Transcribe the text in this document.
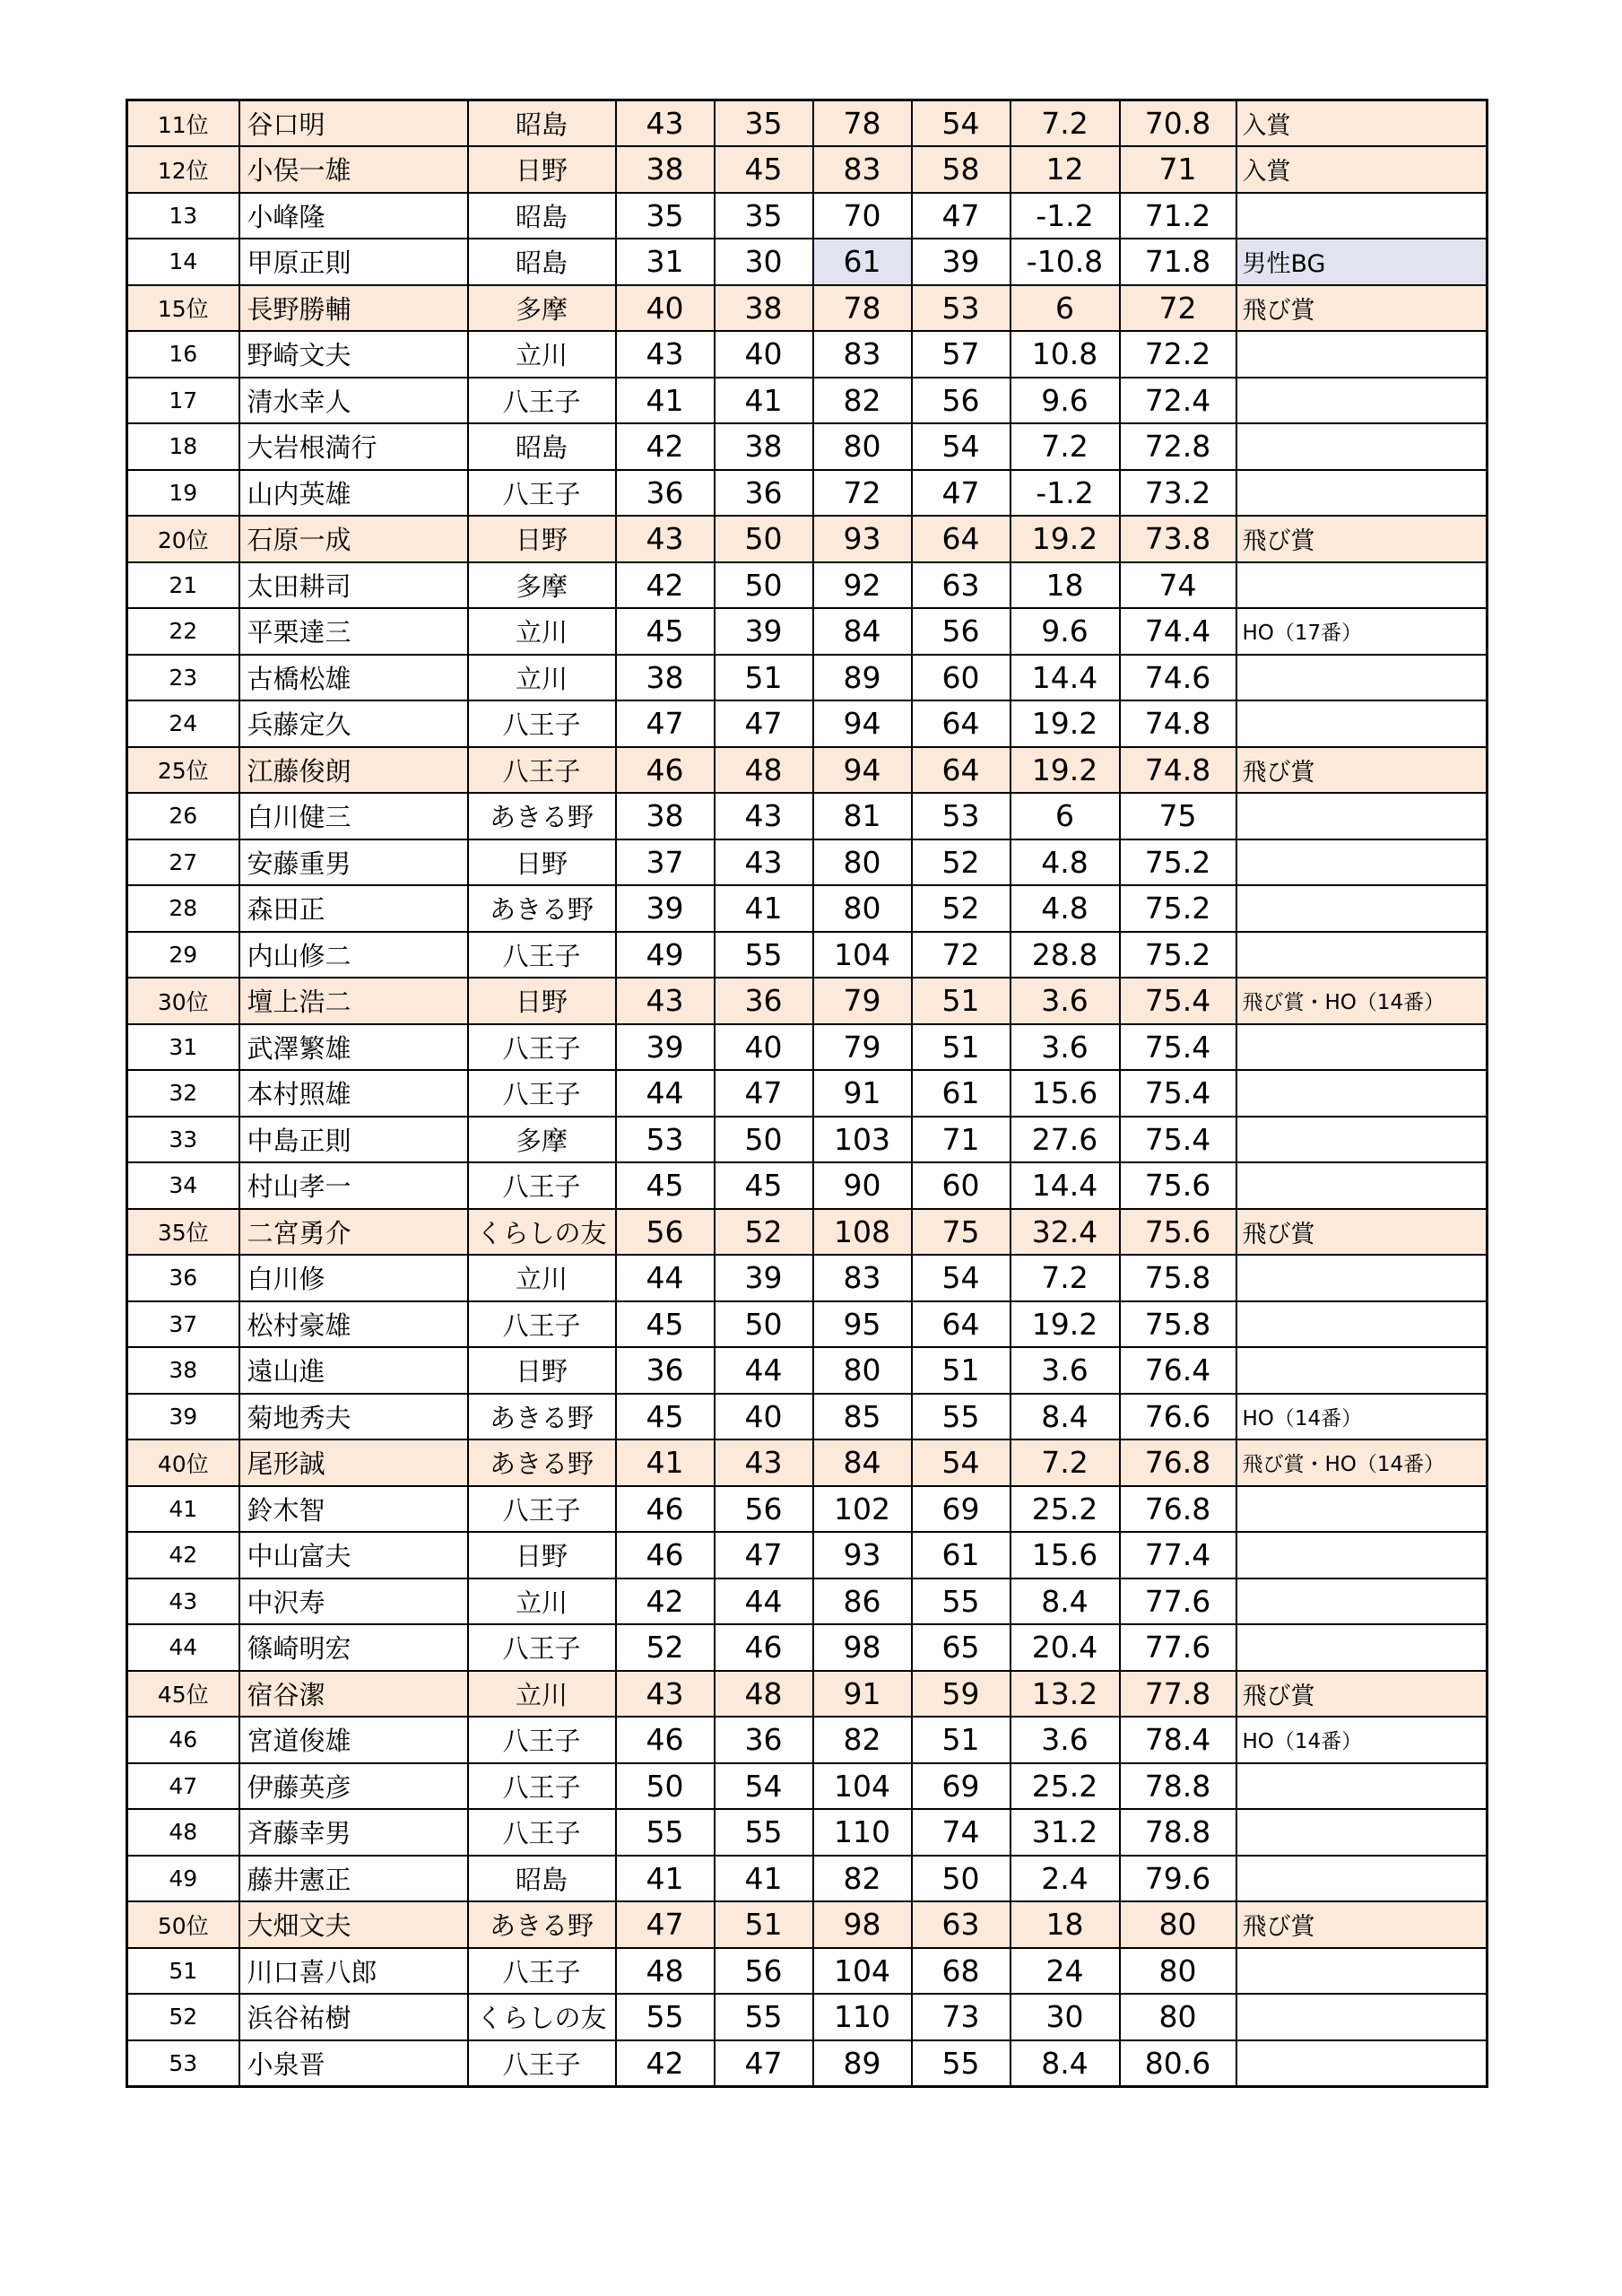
11位	谷口明	昭島	43	35	78	54	7.2	70.8	入賞
12位	小俣一雄	日野	38	45	83	58	12	71	入賞
13	小峰隆	昭島	35	35	70	47	-1.2	71.2	
14	甲原正則	昭島	31	30	61	39	-10.8	71.8	男性BG
15位	長野勝輔	多摩	40	38	78	53	6	72	飛び賞
16	野崎文夫	立川	43	40	83	57	10.8	72.2	
17	清水幸人	八王子	41	41	82	56	9.6	72.4	
18	大岩根満行	昭島	42	38	80	54	7.2	72.8	
19	山内英雄	八王子	36	36	72	47	-1.2	73.2	
20位	石原一成	日野	43	50	93	64	19.2	73.8	飛び賞
21	太田耕司	多摩	42	50	92	63	18	74	
22	平栗達三	立川	45	39	84	56	9.6	74.4	HO（17番）
23	古橋松雄	立川	38	51	89	60	14.4	74.6	
24	兵藤定久	八王子	47	47	94	64	19.2	74.8	
25位	江藤俊朗	八王子	46	48	94	64	19.2	74.8	飛び賞
26	白川健三	あきる野	38	43	81	53	6	75	
27	安藤重男	日野	37	43	80	52	4.8	75.2	
28	森田正	あきる野	39	41	80	52	4.8	75.2	
29	内山修二	八王子	49	55	104	72	28.8	75.2	
30位	壇上浩二	日野	43	36	79	51	3.6	75.4	飛び賞・HO（14番）
31	武澤繁雄	八王子	39	40	79	51	3.6	75.4	
32	本村照雄	八王子	44	47	91	61	15.6	75.4	
33	中島正則	多摩	53	50	103	71	27.6	75.4	
34	村山孝一	八王子	45	45	90	60	14.4	75.6	
35位	二宮勇介	くらしの友	56	52	108	75	32.4	75.6	飛び賞
36	白川修	立川	44	39	83	54	7.2	75.8	
37	松村豪雄	八王子	45	50	95	64	19.2	75.8	
38	遠山進	日野	36	44	80	51	3.6	76.4	
39	菊地秀夫	あきる野	45	40	85	55	8.4	76.6	HO（14番）
40位	尾形誠	あきる野	41	43	84	54	7.2	76.8	飛び賞・HO（14番）
41	鈴木智	八王子	46	56	102	69	25.2	76.8	
42	中山富夫	日野	46	47	93	61	15.6	77.4	
43	中沢寿	立川	42	44	86	55	8.4	77.6	
44	篠崎明宏	八王子	52	46	98	65	20.4	77.6	
45位	宿谷潔	立川	43	48	91	59	13.2	77.8	飛び賞
46	宮道俊雄	八王子	46	36	82	51	3.6	78.4	HO（14番）
47	伊藤英彦	八王子	50	54	104	69	25.2	78.8	
48	斉藤幸男	八王子	55	55	110	74	31.2	78.8	
49	藤井憲正	昭島	41	41	82	50	2.4	79.6	
50位	大畑文夫	あきる野	47	51	98	63	18	80	飛び賞
51	川口喜八郎	八王子	48	56	104	68	24	80	
52	浜谷祐樹	くらしの友	55	55	110	73	30	80	
53	小泉晋	八王子	42	47	89	55	8.4	80.6	
